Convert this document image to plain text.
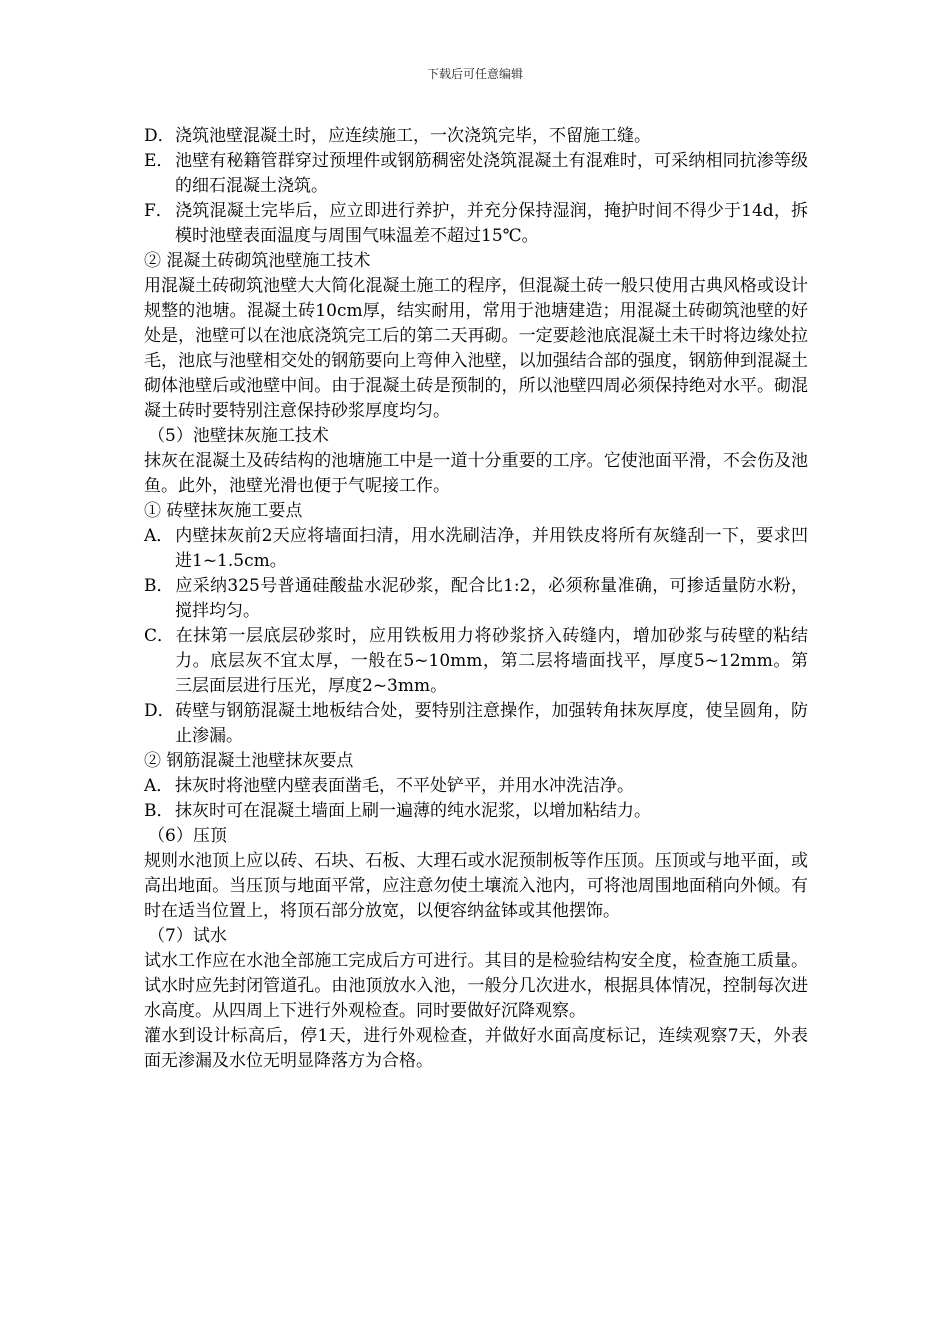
下载后可任意编辑

D．浇筑池壁混凝土时，应连续施工，一次浇筑完毕，不留施工缝。

E．池壁有秘籍管群穿过预埋件或钢筋稠密处浇筑混凝土有混难时，可采纳相同抗渗等级的细石混凝土浇筑。

F． 浇筑混凝土完毕后，应立即进行养护，并充分保持湿润，掩护时间不得少于14d，拆模时池壁表面温度与周围气味温差不超过15℃。

② 混凝土砖砌筑池壁施工技术

用混凝土砖砌筑池壁大大简化混凝土施工的程序，但混凝土砖一般只使用古典风格或设计规整的池塘。混凝土砖10cm厚，结实耐用，常用于池塘建造；用混凝土砖砌筑池壁的好处是，池壁可以在池底浇筑完工后的第二天再砌。一定要趁池底混凝土未干时将边缘处拉毛，池底与池壁相交处的钢筋要向上弯伸入池壁，以加强结合部的强度，钢筋伸到混凝土砌体池壁后或池壁中间。由于混凝土砖是预制的，所以池壁四周必须保持绝对水平。砌混凝土砖时要特别注意保持砂浆厚度均匀。

（5）池壁抹灰施工技术

抹灰在混凝土及砖结构的池塘施工中是一道十分重要的工序。它使池面平滑，不会伤及池鱼。此外，池壁光滑也便于气呢接工作。

① 砖壁抹灰施工要点

A． 内壁抹灰前2天应将墙面扫清，用水洗刷洁净，并用铁皮将所有灰缝刮一下，要求凹进1~1.5cm。

B．应采纳325号普通硅酸盐水泥砂浆，配合比1:2，必须称量准确，可掺适量防水粉，搅拌均匀。

C．在抹第一层底层砂浆时，应用铁板用力将砂浆挤入砖缝内，增加砂浆与砖壁的粘结力。底层灰不宜太厚，一般在5~10mm，第二层将墙面找平，厚度5~12mm。第三层面层进行压光，厚度2~3mm。

D．砖壁与钢筋混凝土地板结合处，要特别注意操作，加强转角抹灰厚度，使呈圆角，防止渗漏。

② 钢筋混凝土池壁抹灰要点

A． 抹灰时将池壁内壁表面凿毛，不平处铲平，并用水冲洗洁净。

B．抹灰时可在混凝土墙面上刷一遍薄的纯水泥浆，以增加粘结力。

（6）压顶

规则水池顶上应以砖、石块、石板、大理石或水泥预制板等作压顶。压顶或与地平面，或高出地面。当压顶与地面平常，应注意勿使土壤流入池内，可将池周围地面稍向外倾。有时在适当位置上，将顶石部分放宽，以便容纳盆钵或其他摆饰。

（7）试水

试水工作应在水池全部施工完成后方可进行。其目的是检验结构安全度，检查施工质量。试水时应先封闭管道孔。由池顶放水入池，一般分几次进水，根据具体情况，控制每次进水高度。从四周上下进行外观检查。同时要做好沉降观察。

灌水到设计标高后，停1天，进行外观检查，并做好水面高度标记，连续观察7天，外表面无渗漏及水位无明显降落方为合格。
